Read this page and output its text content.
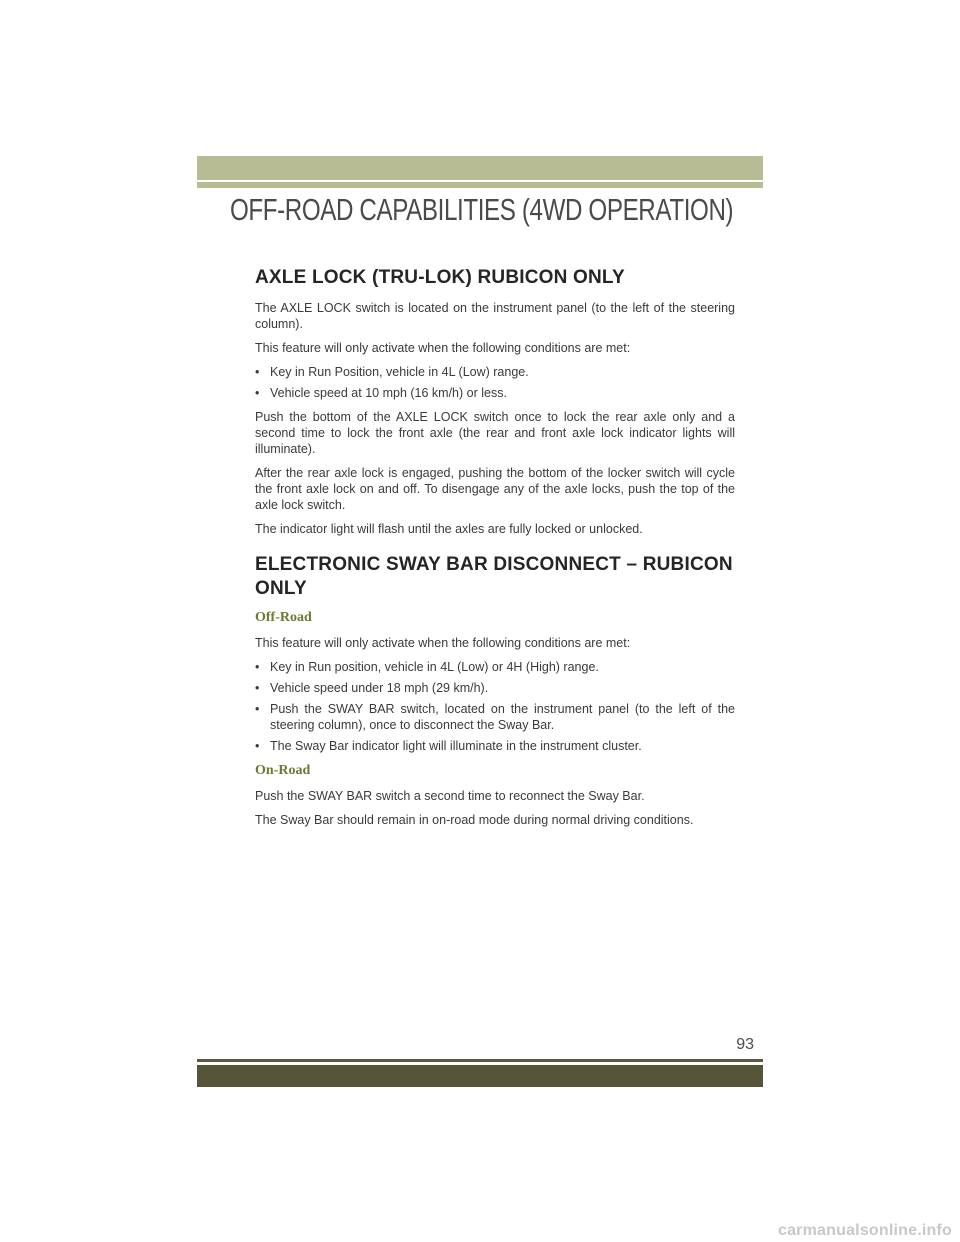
OFF-ROAD CAPABILITIES (4WD OPERATION)
AXLE LOCK (TRU-LOK) RUBICON ONLY

The AXLE LOCK switch is located on the instrument panel (to the left of the steering column).

This feature will only activate when the following conditions are met:

• Key in Run Position, vehicle in 4L (Low) range.
• Vehicle speed at 10 mph (16 km/h) or less.

Push the bottom of the AXLE LOCK switch once to lock the rear axle only and a second time to lock the front axle (the rear and front axle lock indicator lights will illuminate).

After the rear axle lock is engaged, pushing the bottom of the locker switch will cycle the front axle lock on and off. To disengage any of the axle locks, push the top of the axle lock switch.

The indicator light will flash until the axles are fully locked or unlocked.

ELECTRONIC SWAY BAR DISCONNECT – RUBICON ONLY
Off-Road

This feature will only activate when the following conditions are met:

• Key in Run position, vehicle in 4L (Low) or 4H (High) range.
• Vehicle speed under 18 mph (29 km/h).
• Push the SWAY BAR switch, located on the instrument panel (to the left of the steering column), once to disconnect the Sway Bar.
• The Sway Bar indicator light will illuminate in the instrument cluster.
On-Road

Push the SWAY BAR switch a second time to reconnect the Sway Bar.

The Sway Bar should remain in on-road mode during normal driving conditions.

93
carmanualsonline.info
